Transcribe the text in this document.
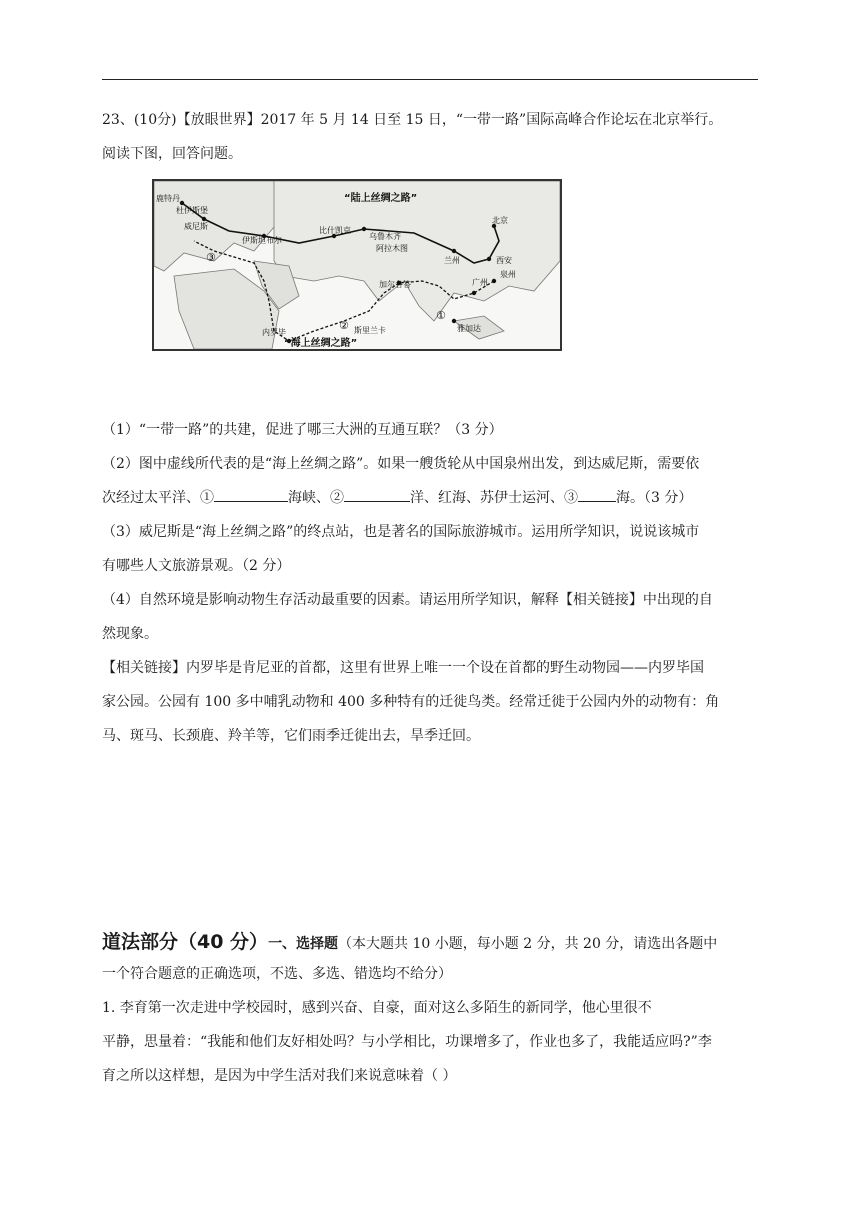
23、(10分)【放眼世界】2017 年 5 月 14 日至 15 日，“一带一路”国际高峰合作论坛在北京举行。
阅读下图，回答问题。
“陆上丝绸之路”
“海上丝绸之路”
鹿特丹
杜伊斯堡
威尼斯
伊斯坦布尔
比什凯克
乌鲁木齐
北京
兰州	西安
泉州
广州
阿拉木图
加尔各答
斯里兰卡
内罗毕	雅加达
①
②
③
（1）“一带一路”的共建，促进了哪三大洲的互通互联？（3 分）
（2）图中虚线所代表的是“海上丝绸之路”。如果一艘货轮从中国泉州出发，到达威尼斯，需要依
次经过太平洋、①	海峡、②	洋、红海、苏伊士运河、③	海。（3 分）
（3）威尼斯是“海上丝绸之路”的终点站，也是著名的国际旅游城市。运用所学知识，说说该城市
有哪些人文旅游景观。（2 分）
（4）自然环境是影响动物生存活动最重要的因素。请运用所学知识，解释【相关链接】中出现的自
然现象。
【相关链接】内罗毕是肯尼亚的首都，这里有世界上唯一一个设在首都的野生动物园——内罗毕国
家公园。公园有 100 多中哺乳动物和 400 多种特有的迁徙鸟类。经常迁徙于公园内外的动物有：角
马、斑马、长颈鹿、羚羊等，它们雨季迁徙出去，旱季迁回。
道法部分（40 分）一、选择题（本大题共 10 小题，每小题 2 分，共 20 分，请选出各题中
一个符合题意的正确选项，不选、多选、错选均不给分）
1. 李育第一次走进中学校园时，感到兴奋、自豪，面对这么多陌生的新同学，他心里很不
平静，思量着：“我能和他们友好相处吗？与小学相比，功课增多了，作业也多了，我能适应吗?”李
育之所以这样想，是因为中学生活对我们来说意味着（ ）
